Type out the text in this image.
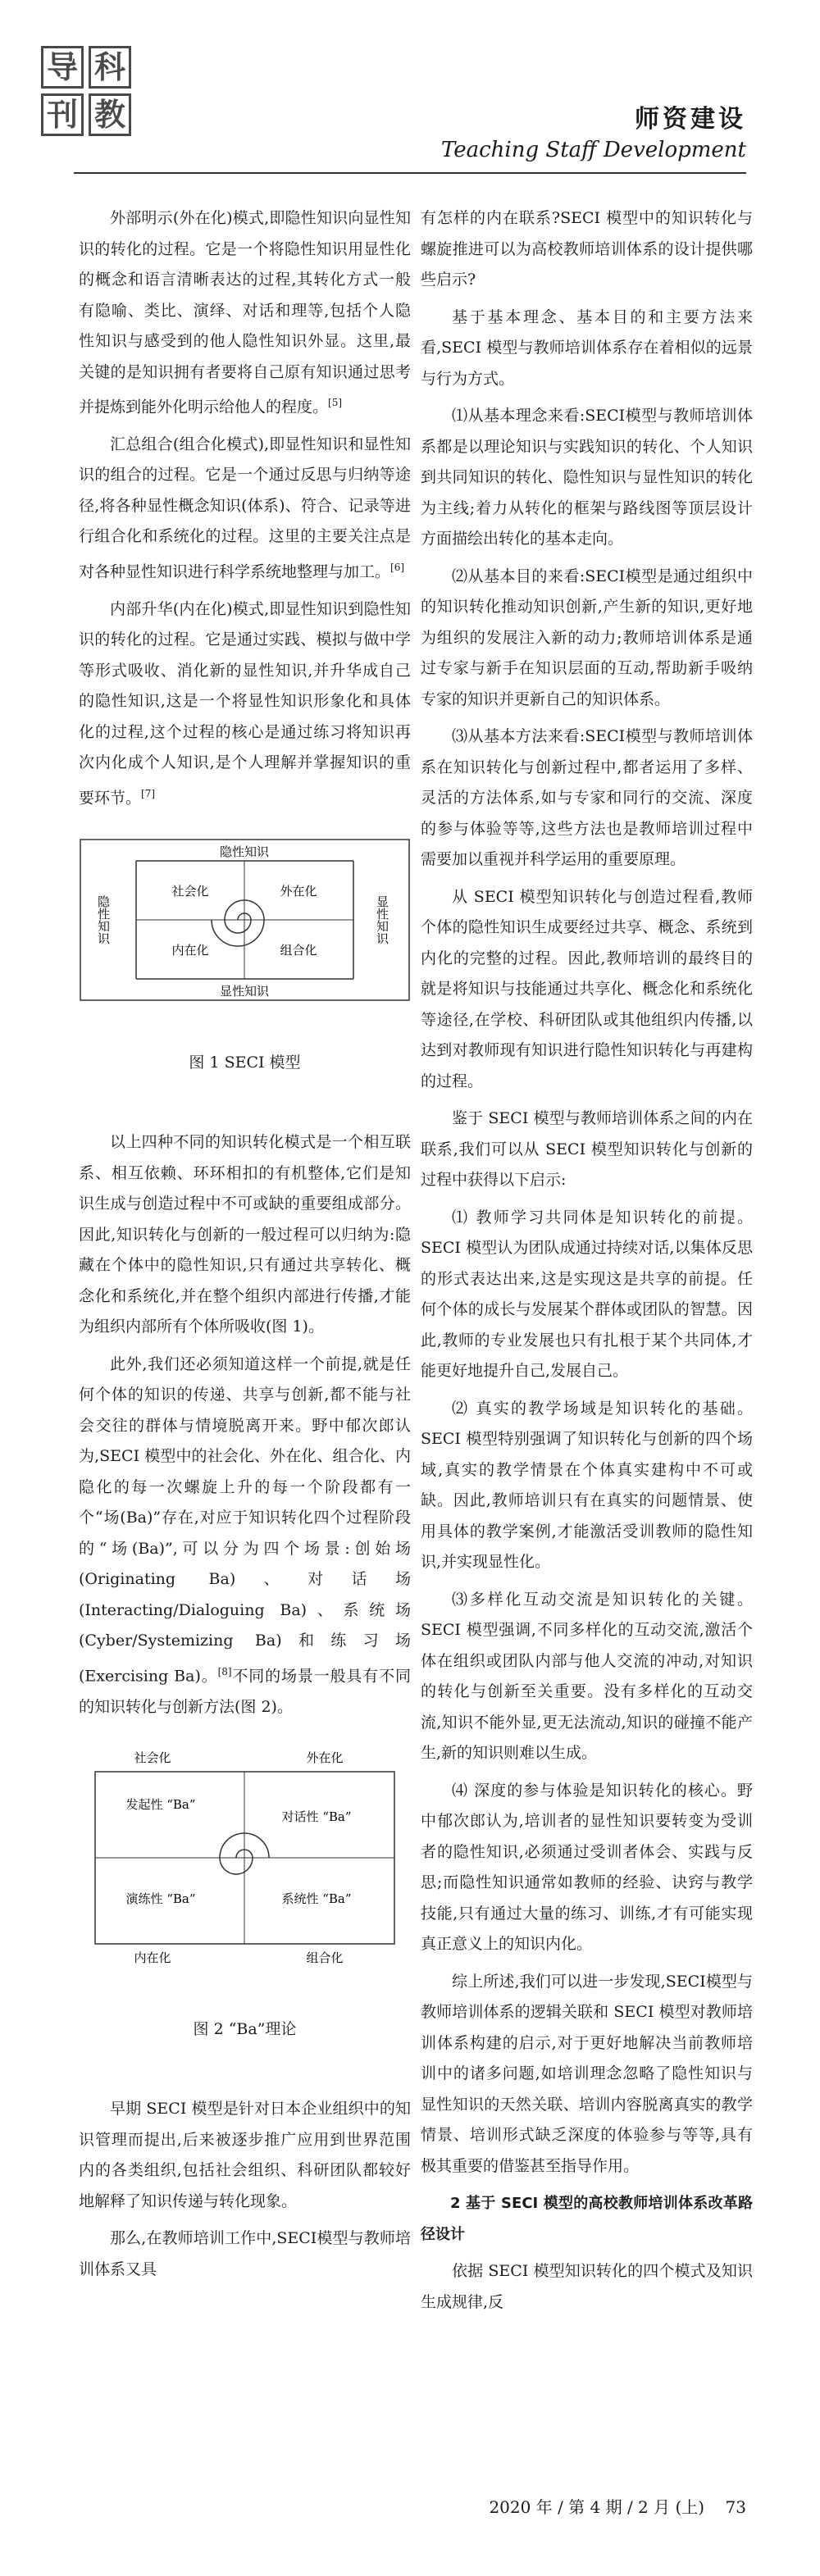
导 科
刊 教	师资建设
Teaching Staff Development

外部明示(外在化)模式,即隐性知识向显性知识的转化的过程。它是一个将隐性知识用显性化的概念和语言清晰表达的过程,其转化方式一般有隐喻、类比、演绎、对话和理等,包括个人隐性知识与感受到的他人隐性知识外显。这里,最关键的是知识拥有者要将自己原有知识通过思考并提炼到能外化明示给他人的程度。[5]

汇总组合(组合化模式),即显性知识和显性知识的组合的过程。它是一个通过反思与归纳等途径,将各种显性概念知识(体系)、符合、记录等进行组合化和系统化的过程。这里的主要关注点是对各种显性知识进行科学系统地整理与加工。[6]

内部升华(内在化)模式,即显性知识到隐性知识的转化的过程。它是通过实践、模拟与做中学等形式吸收、消化新的显性知识,并升华成自己的隐性知识,这是一个将显性知识形象化和具体化的过程,这个过程的核心是通过练习将知识再次内化成个人知识,是个人理解并掌握知识的重要环节。[7]

隐性知识
显性知识
隐性知识	显性知识
社会化	外在化
内在化	组合化
图 1 SECI 模型

以上四种不同的知识转化模式是一个相互联系、相互依赖、环环相扣的有机整体,它们是知识生成与创造过程中不可或缺的重要组成部分。因此,知识转化与创新的一般过程可以归纳为:隐藏在个体中的隐性知识,只有通过共享转化、概念化和系统化,并在整个组织内部进行传播,才能为组织内部所有个体所吸收(图 1)。

此外,我们还必须知道这样一个前提,就是任何个体的知识的传递、共享与创新,都不能与社会交往的群体与情境脱离开来。野中郁次郎认为,SECI 模型中的社会化、外在化、组合化、内隐化的每一次螺旋上升的每一个阶段都有一个“场(Ba)”存在,对应于知识转化四个过程阶段的“场(Ba)”,可以分为四个场景:创始场 (Originating Ba)、对话场 (Interacting/Dialoguing Ba)、系统场(Cyber/Systemizing Ba)和练习场(Exercising Ba)。[8]不同的场景一般具有不同的知识转化与创新方法(图 2)。

社会化	外在化
发起性 “Ba”
对话性 “Ba”
演练性 “Ba”	系统性 “Ba”
内在化	组合化
图 2 “Ba”理论

早期 SECI 模型是针对日本企业组织中的知识管理而提出,后来被逐步推广应用到世界范围内的各类组织,包括社会组织、科研团队都较好地解释了知识传递与转化现象。

那么,在教师培训工作中,SECI模型与教师培训体系又具

有怎样的内在联系?SECI 模型中的知识转化与螺旋推进可以为高校教师培训体系的设计提供哪些启示?

基于基本理念、基本目的和主要方法来看,SECI 模型与教师培训体系存在着相似的远景与行为方式。

⑴从基本理念来看:SECI模型与教师培训体系都是以理论知识与实践知识的转化、个人知识到共同知识的转化、隐性知识与显性知识的转化为主线;着力从转化的框架与路线图等顶层设计方面描绘出转化的基本走向。

⑵从基本目的来看:SECI模型是通过组织中的知识转化推动知识创新,产生新的知识,更好地为组织的发展注入新的动力;教师培训体系是通过专家与新手在知识层面的互动,帮助新手吸纳专家的知识并更新自己的知识体系。

⑶从基本方法来看:SECI模型与教师培训体系在知识转化与创新过程中,都者运用了多样、灵活的方法体系,如与专家和同行的交流、深度的参与体验等等,这些方法也是教师培训过程中需要加以重视并科学运用的重要原理。

从 SECI 模型知识转化与创造过程看,教师个体的隐性知识生成要经过共享、概念、系统到内化的完整的过程。因此,教师培训的最终目的就是将知识与技能通过共享化、概念化和系统化等途径,在学校、科研团队或其他组织内传播,以达到对教师现有知识进行隐性知识转化与再建构的过程。

鉴于 SECI 模型与教师培训体系之间的内在联系,我们可以从 SECI 模型知识转化与创新的过程中获得以下启示:

⑴ 教师学习共同体是知识转化的前提。SECI 模型认为团队成通过持续对话,以集体反思的形式表达出来,这是实现这是共享的前提。任何个体的成长与发展某个群体或团队的智慧。因此,教师的专业发展也只有扎根于某个共同体,才能更好地提升自己,发展自己。

⑵ 真实的教学场域是知识转化的基础。SECI 模型特别强调了知识转化与创新的四个场域,真实的教学情景在个体真实建构中不可或缺。因此,教师培训只有在真实的问题情景、使用具体的教学案例,才能激活受训教师的隐性知识,并实现显性化。

⑶多样化互动交流是知识转化的关键。SECI 模型强调,不同多样化的互动交流,激活个体在组织或团队内部与他人交流的冲动,对知识的转化与创新至关重要。没有多样化的互动交流,知识不能外显,更无法流动,知识的碰撞不能产生,新的知识则难以生成。

⑷ 深度的参与体验是知识转化的核心。野中郁次郎认为,培训者的显性知识要转变为受训者的隐性知识,必须通过受训者体会、实践与反思;而隐性知识通常如教师的经验、诀窍与教学技能,只有通过大量的练习、训练,才有可能实现真正意义上的知识内化。

综上所述,我们可以进一步发现,SECI模型与教师培训体系的逻辑关联和 SECI 模型对教师培训体系构建的启示,对于更好地解决当前教师培训中的诸多问题,如培训理念忽略了隐性知识与显性知识的天然关联、培训内容脱离真实的教学情景、培训形式缺乏深度的体验参与等等,具有极其重要的借鉴甚至指导作用。

2 基于 SECI 模型的高校教师培训体系改革路径设计

依据 SECI 模型知识转化的四个模式及知识生成规律,反

2020 年 / 第 4 期 / 2 月 (上) 73
